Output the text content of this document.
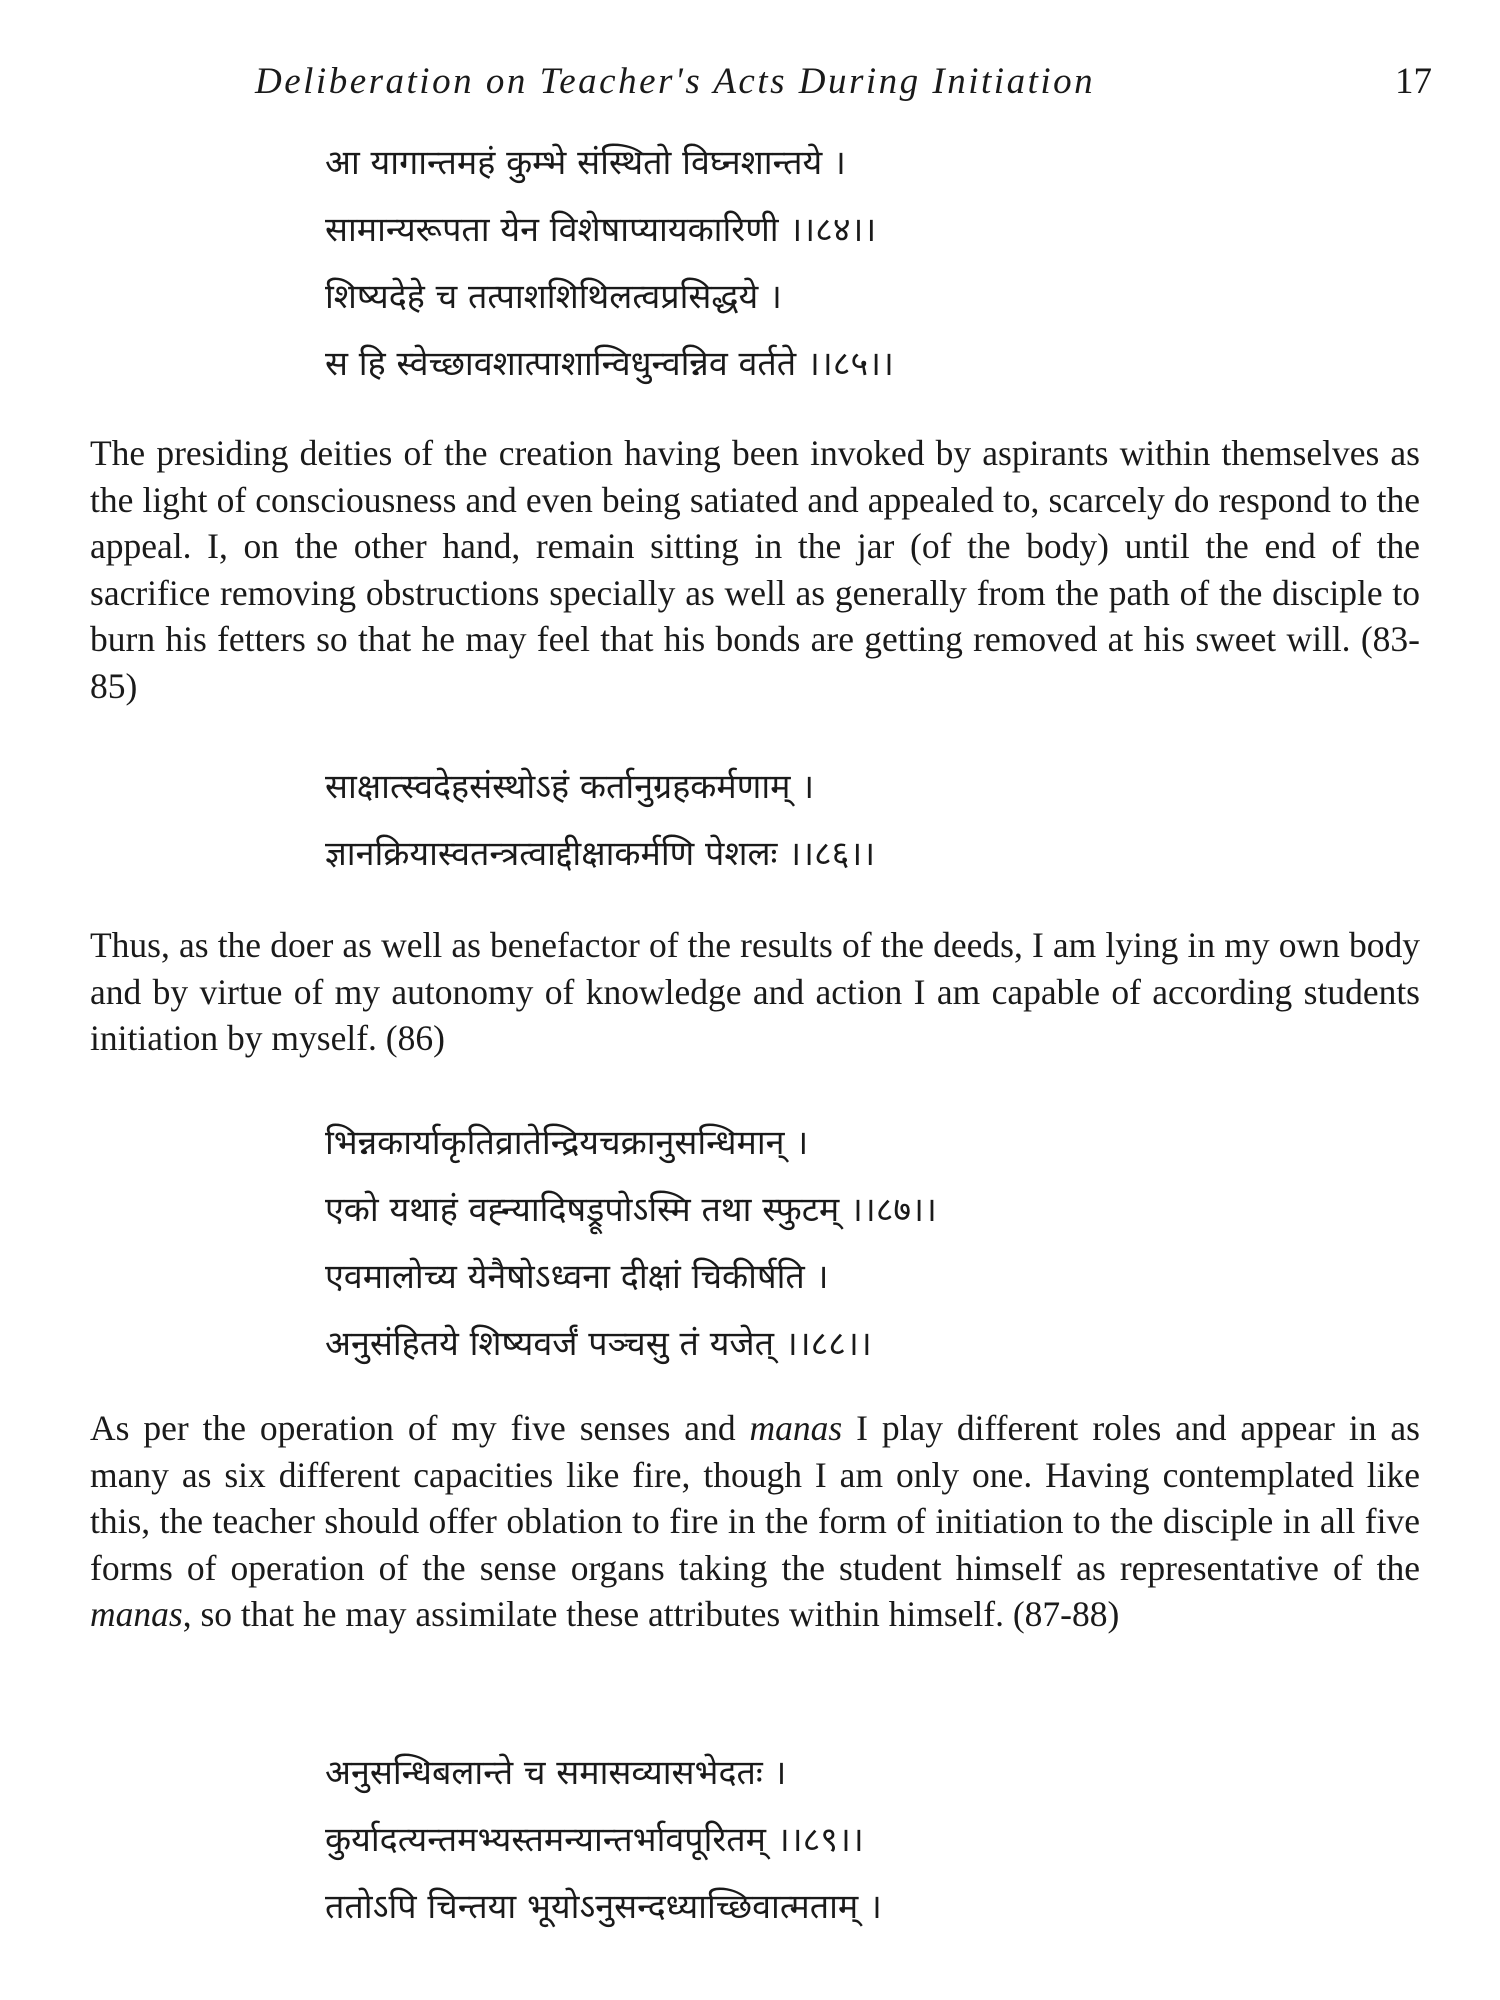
Deliberation on Teacher's Acts During Initiation	17
आ यागान्तमहं कुम्भे संस्थितो विघ्नशान्तये ।
सामान्यरूपता येन विशेषाप्यायकारिणी ।।८४।।
शिष्यदेहे च तत्पाशशिथिलत्वप्रसिद्धये ।
स हि स्वेच्छावशात्पाशान्विधुन्वन्निव वर्तते ।।८५।।

The presiding deities of the creation having been invoked by aspirants within themselves as the light of consciousness and even being satiated and appealed to, scarcely do respond to the appeal. I, on the other hand, remain sitting in the jar (of the body) until the end of the sacrifice removing obstructions specially as well as generally from the path of the disciple to burn his fetters so that he may feel that his bonds are getting removed at his sweet will. (83-85)

साक्षात्स्वदेहसंस्थोऽहं कर्तानुग्रहकर्मणाम् ।
ज्ञानक्रियास्वतन्त्रत्वाद्दीक्षाकर्मणि पेशलः ।।८६।।

Thus, as the doer as well as benefactor of the results of the deeds, I am lying in my own body and by virtue of my autonomy of knowledge and action I am capable of according students initiation by myself. (86)

भिन्नकार्याकृतिव्रातेन्द्रियचक्रानुसन्धिमान् ।
एको यथाहं वह्न्यादिषड्रूपोऽस्मि तथा स्फुटम् ।।८७।।
एवमालोच्य येनैषोऽध्वना दीक्षां चिकीर्षति ।
अनुसंहितये शिष्यवर्जं पञ्चसु तं यजेत् ।।८८।।

As per the operation of my five senses and manas I play different roles and appear in as many as six different capacities like fire, though I am only one. Having contemplated like this, the teacher should offer oblation to fire in the form of initiation to the disciple in all five forms of operation of the sense organs taking the student himself as representative of the manas, so that he may assimilate these attributes within himself. (87-88)

अनुसन्धिबलान्ते च समासव्यासभेदतः ।
कुर्यादत्यन्तमभ्यस्तमन्यान्तर्भावपूरितम् ।।८९।।
ततोऽपि चिन्तया भूयोऽनुसन्दध्याच्छिवात्मताम् ।
